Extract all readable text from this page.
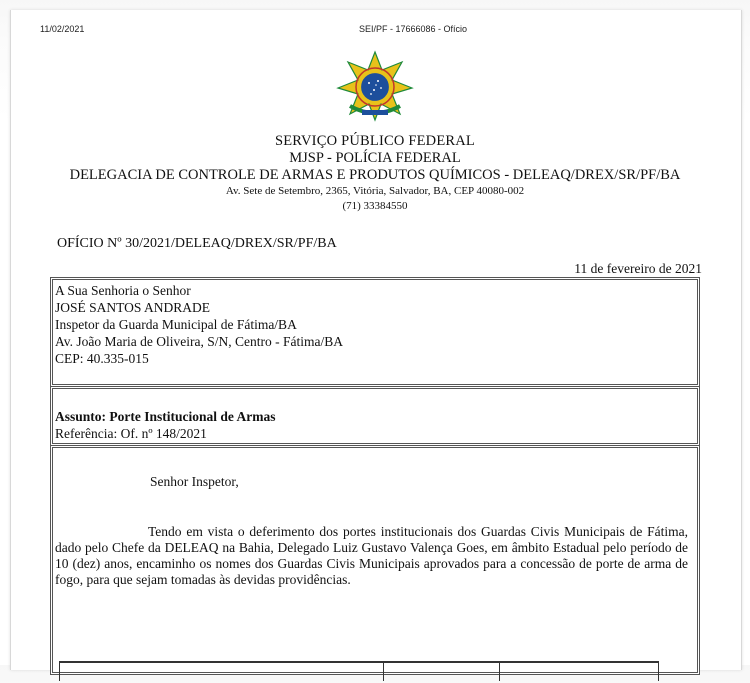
11/02/2021	SEI/PF - 17666086 - Ofício
SERVIÇO PÚBLICO FEDERAL
MJSP - POLÍCIA FEDERAL
DELEGACIA DE CONTROLE DE ARMAS E PRODUTOS QUÍMICOS - DELEAQ/DREX/SR/PF/BA
Av. Sete de Setembro, 2365, Vitória, Salvador, BA, CEP 40080-002
(71) 33384550
OFÍCIO Nº 30/2021/DELEAQ/DREX/SR/PF/BA
11 de fevereiro de 2021
A Sua Senhoria o Senhor
JOSÉ SANTOS ANDRADE
Inspetor da Guarda Municipal de Fátima/BA
Av. João Maria de Oliveira, S/N, Centro - Fátima/BA
CEP: 40.335-015
Assunto: Porte Institucional de Armas
Referência: Of. nº 148/2021
Senhor Inspetor,
Tendo em vista o deferimento dos portes institucionais dos Guardas Civis Municipais de Fátima, dado pelo Chefe da DELEAQ na Bahia, Delegado Luiz Gustavo Valença Goes, em âmbito Estadual pelo período de 10 (dez) anos, encaminho os nomes dos Guardas Civis Municipais aprovados para a concessão de porte de arma de fogo, para que sejam tomadas às devidas providências.
